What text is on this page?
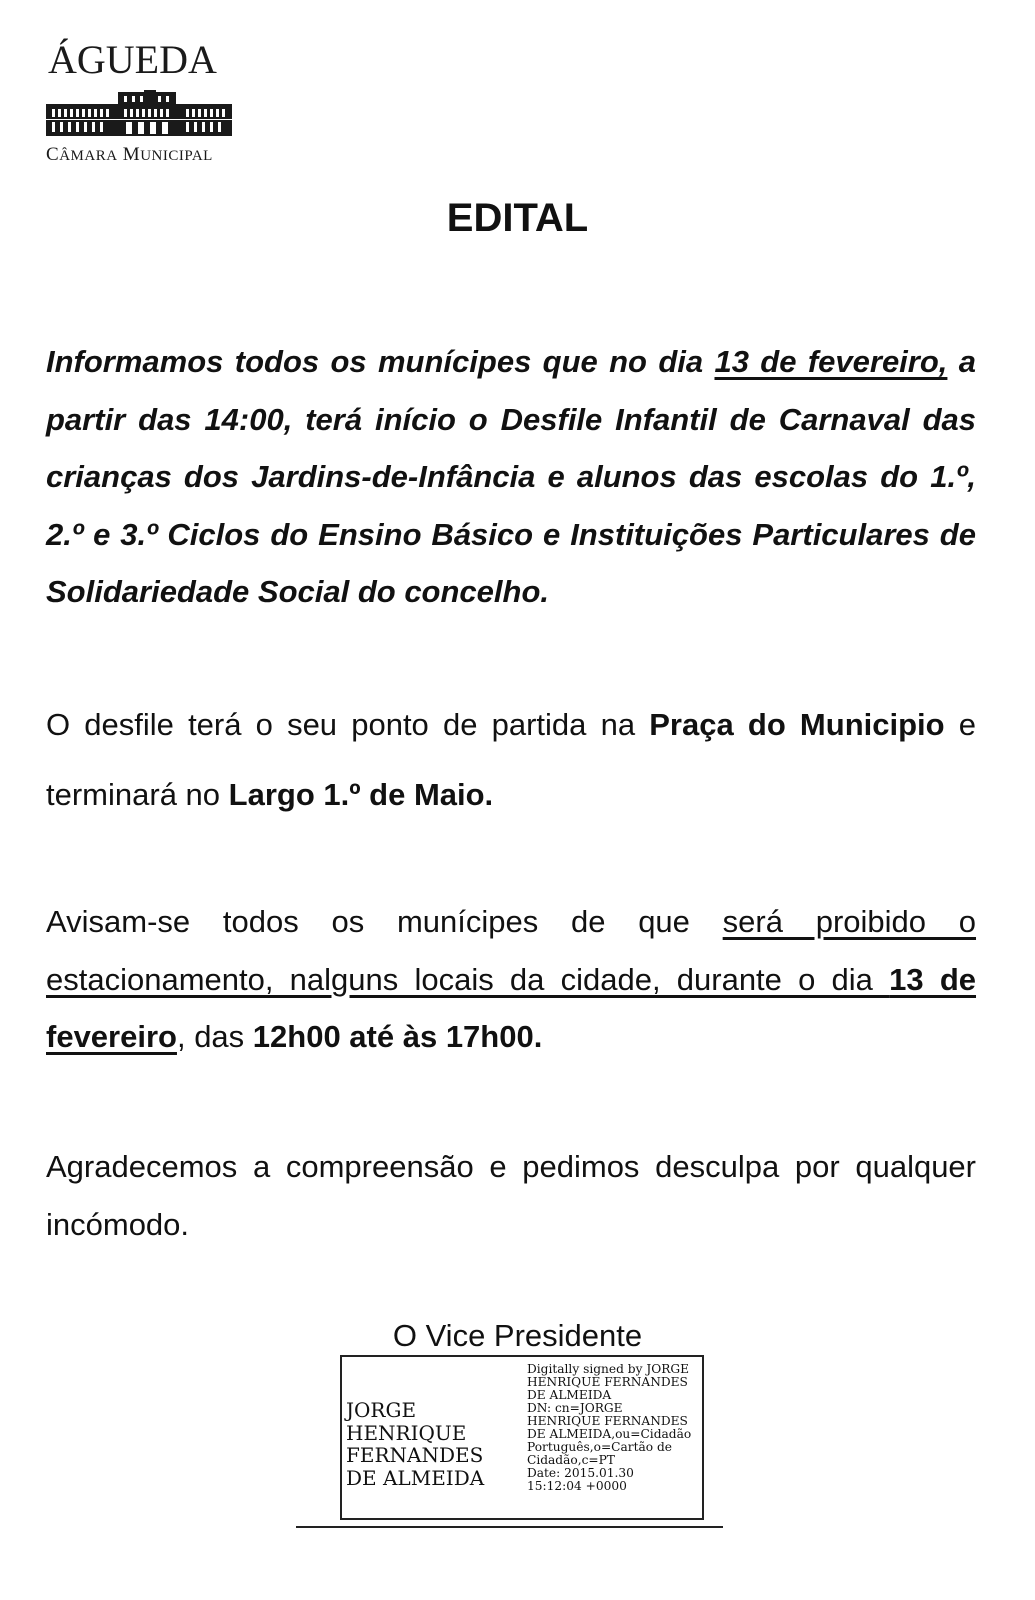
ÁGUEDA
CÂMARA MUNICIPAL
EDITAL

Informamos todos os munícipes que no dia 13 de fevereiro, a partir das 14:00, terá início o Desfile Infantil de Carnaval das crianças dos Jardins-de-Infância e alunos das escolas do 1.º, 2.º e 3.º Ciclos do Ensino Básico e Instituições Particulares de Solidariedade Social do concelho.

O desfile terá o seu ponto de partida na Praça do Municipio e terminará no Largo 1.º de Maio.

Avisam-se todos os munícipes de que será proibido o estacionamento, nalguns locais da cidade, durante o dia 13 de fevereiro, das 12h00 até às 17h00.

Agradecemos a compreensão e pedimos desculpa por qualquer incómodo.

O Vice Presidente
JORGE
HENRIQUE
FERNANDES
DE ALMEIDA
Digitally signed by JORGE
HENRIQUE FERNANDES
DE ALMEIDA
DN: cn=JORGE
HENRIQUE FERNANDES
DE ALMEIDA,ou=Cidadão
Português,o=Cartão de
Cidadão,c=PT
Date: 2015.01.30
15:12:04 +0000
